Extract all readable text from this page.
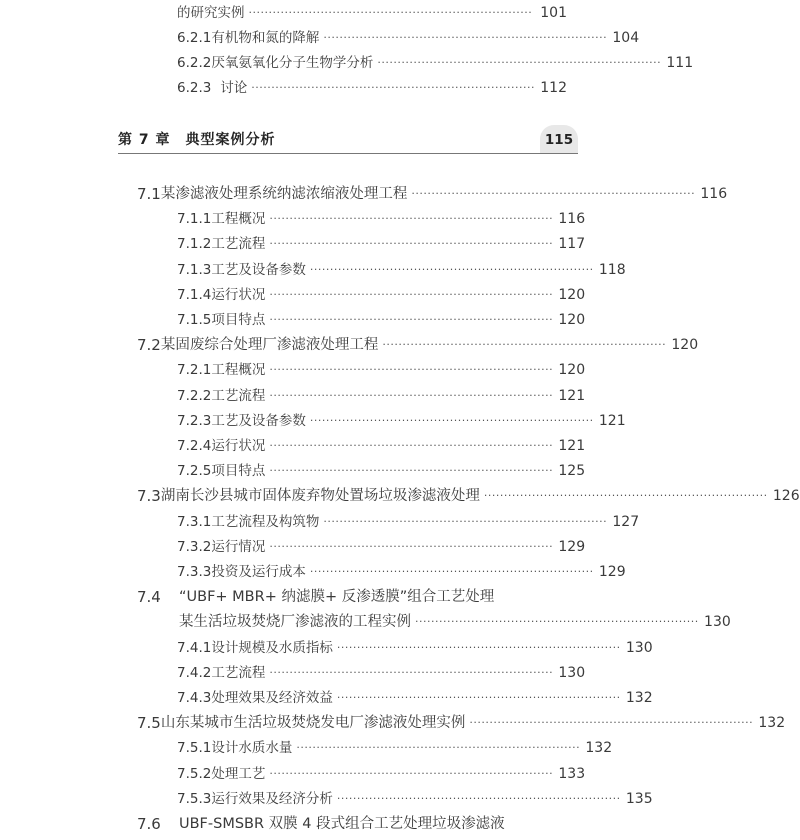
的研究实例 ······································································· 101
6.2.1 有机物和氮的降解 ······································································· 104
6.2.2 厌氧氨氧化分子生物学分析 ······································································· 111
6.2.3 讨论 ······································································· 112
7.1 某渗滤液处理系统纳滤浓缩液处理工程 ······································································· 116
7.1.1 工程概况 ······································································· 116
7.1.2 工艺流程 ······································································· 117
7.1.3 工艺及设备参数 ······································································· 118
7.1.4 运行状况 ······································································· 120
7.1.5 项目特点 ······································································· 120
7.2 某固废综合处理厂渗滤液处理工程 ······································································· 120
7.2.1 工程概况 ······································································· 120
7.2.2 工艺流程 ······································································· 121
7.2.3 工艺及设备参数 ······································································· 121
7.2.4 运行状况 ······································································· 121
7.2.5 项目特点 ······································································· 125
7.3 湖南长沙县城市固体废弃物处置场垃圾渗滤液处理 ······································································· 126
7.3.1 工艺流程及构筑物 ······································································· 127
7.3.2 运行情况 ······································································· 129
7.3.3 投资及运行成本 ······································································· 129
7.4	“UBF+ MBR+ 纳滤膜+ 反渗透膜”组合工艺处理
某生活垃圾焚烧厂渗滤液的工程实例 ······································································· 130
7.4.1 设计规模及水质指标 ······································································· 130
7.4.2 工艺流程 ······································································· 130
7.4.3 处理效果及经济效益 ······································································· 132
7.5 山东某城市生活垃圾焚烧发电厂渗滤液处理实例 ······································································· 132
7.5.1 设计水质水量 ······································································· 132
7.5.2 处理工艺 ······································································· 133
7.5.3 运行效果及经济分析 ······································································· 135
7.6	UBF-SMSBR 双膜 4 段式组合工艺处理垃圾渗滤液
第 7 章　典型案例分析	115
